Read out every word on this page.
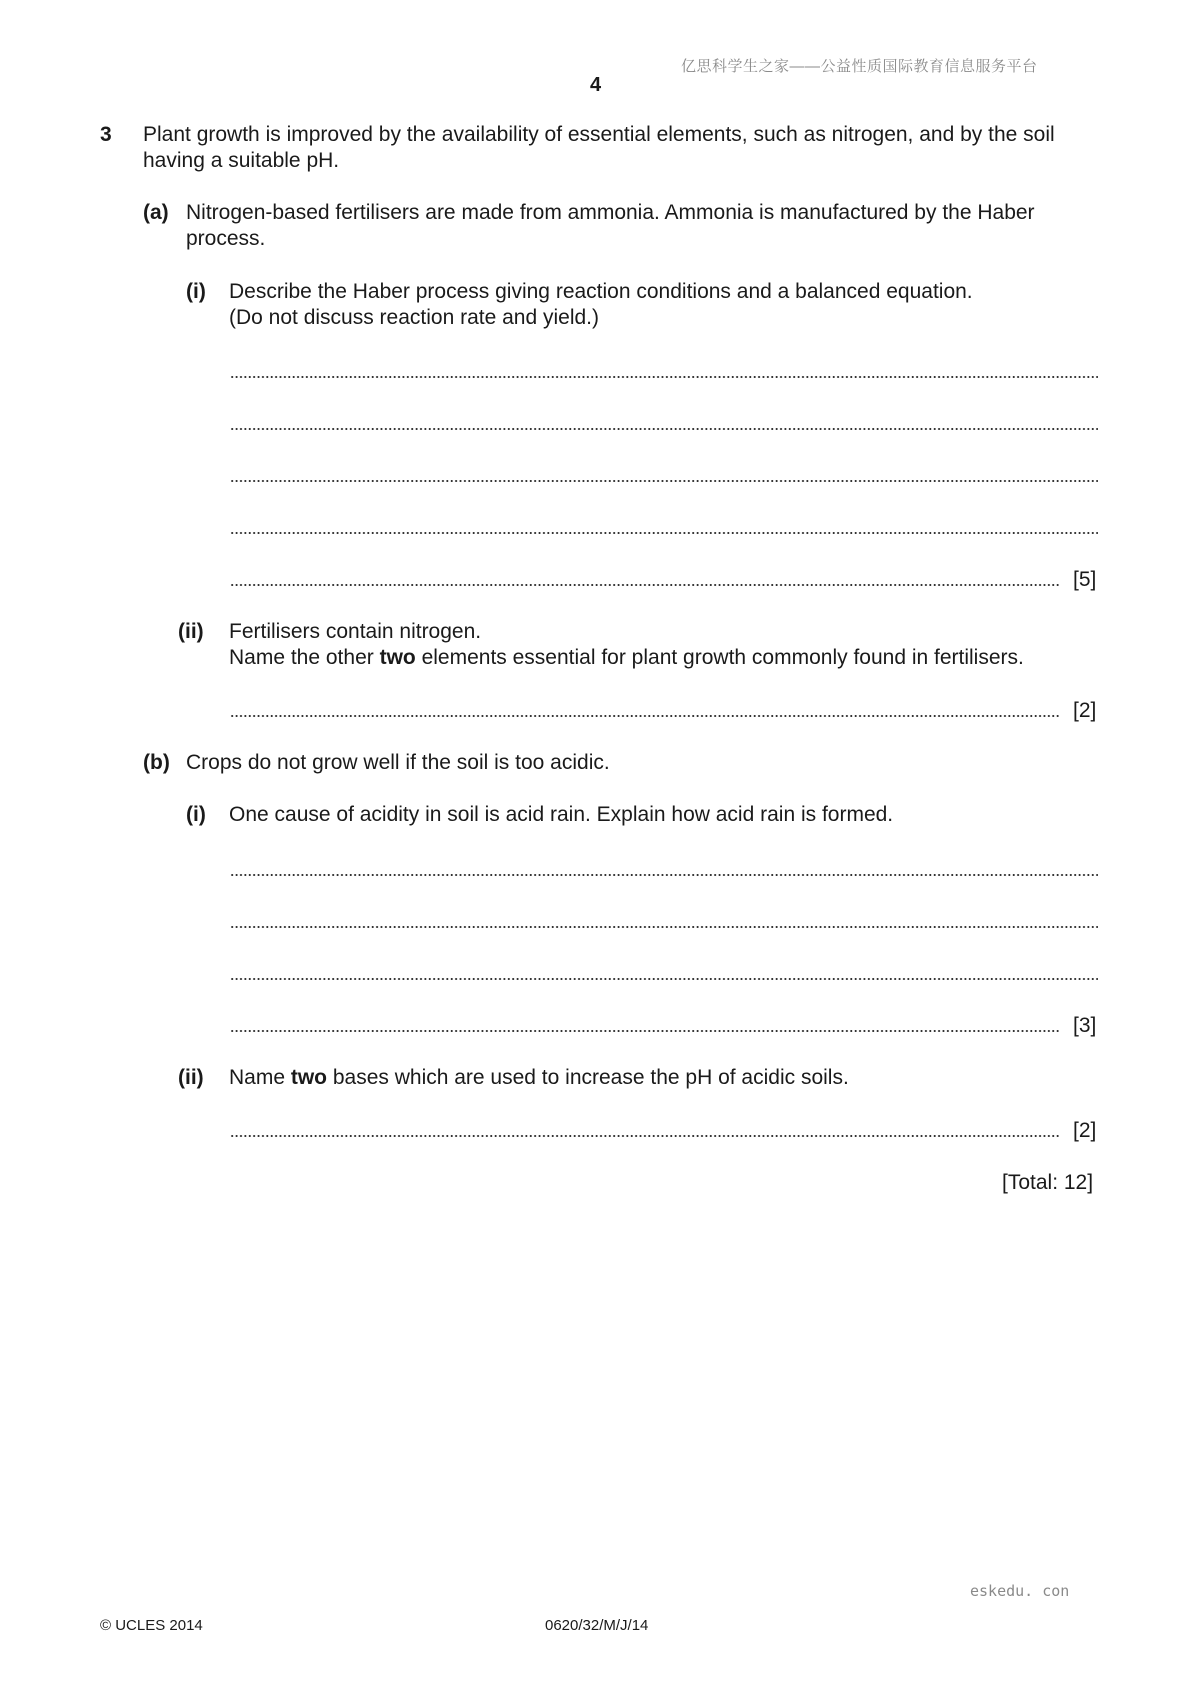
亿思科学生之家——公益性质国际教育信息服务平台
4
3 Plant growth is improved by the availability of essential elements, such as nitrogen, and by the soil
having a suitable pH.
(a) Nitrogen-based fertilisers are made from ammonia. Ammonia is manufactured by the Haber
process.
(i) Describe the Haber process giving reaction conditions and a balanced equation.
(Do not discuss reaction rate and yield.)
[5]
(ii) Fertilisers contain nitrogen.
Name the other two elements essential for plant growth commonly found in fertilisers.
[2]
(b) Crops do not grow well if the soil is too acidic.
(i) One cause of acidity in soil is acid rain. Explain how acid rain is formed.
[3]
(ii) Name two bases which are used to increase the pH of acidic soils.
[2]
[Total: 12]
eskedu. con
© UCLES 2014	0620/32/M/J/14
